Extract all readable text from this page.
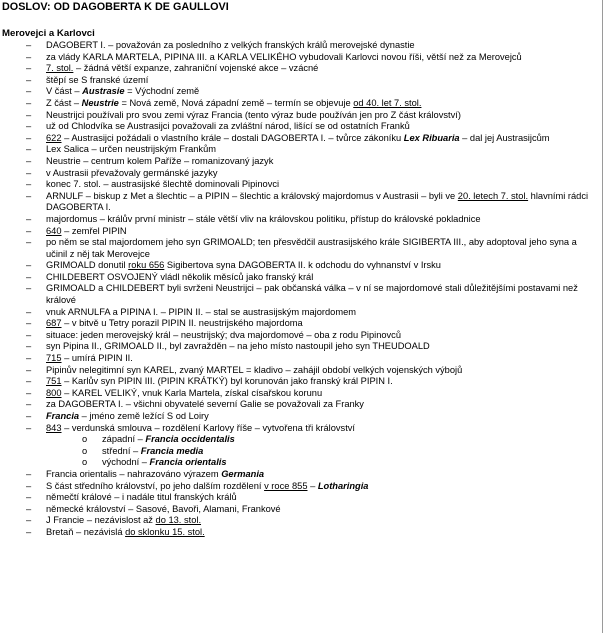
DOSLOV: OD DAGOBERTA K DE GAULLOVI
Merovejci a Karlovci
– DAGOBERT I. – považován za posledního z velkých franských králů merovejské dynastie
– za vlády KARLA MARTELA, PIPINA III. a KARLA VELIKÉHO vybudovali Karlovci novou říši, větší než za Merovejců
– 7. stol. – žádná větší expanze, zahraniční vojenské akce – vzácné
– štěpí se S franské území
– V část – Austrasie = Východní země
– Z část – Neustrie = Nová země, Nová západní země – termín se objevuje od 40. let 7. stol.
– Neustrijci používali pro svou zemi výraz Francia (tento výraz bude používán jen pro Z část království)
– už od Chlodvíka se Austrasijci považovali za zvláštní národ, lišící se od ostatních Franků
– 622 – Austrasijci požádali o vlastního krále – dostali DAGOBERTA I. – tvůrce zákoníku Lex Ribuaria – dal jej Austrasijcům
– Lex Salica – určen neustrijským Frankům
– Neustrie – centrum kolem Paříže – romanizovaný jazyk
– v Austrasii převažovaly germánské jazyky
– konec 7. stol. – austrasijské šlechtě dominovali Pipinovci
– ARNULF – biskup z Met a šlechtic – a PIPIN – šlechtic a královský majordomus v Austrasii – byli ve 20. letech 7. stol. hlavními rádci DAGOBERTA I.
– majordomus – králův první ministr – stále větší vliv na královskou politiku, přístup do královské pokladnice
– 640 – zemřel PIPIN
– po něm se stal majordomem jeho syn GRIMOALD; ten přesvědčil austrasijského krále SIGIBERTA III., aby adoptoval jeho syna a učinil z něj tak Merovejce
– GRIMOALD donutil roku 656 Sigibertova syna DAGOBERTA II. k odchodu do vyhnanství v Irsku
– CHILDEBERT OSVOJENÝ vládl několik měsíců jako franský král
– GRIMOALD a CHILDEBERT byli svrženi Neustrijci – pak občanská válka – v ní se majordomové stali důležitějšími postavami než králové
– vnuk ARNULFA a PIPINA I. – PIPIN II. – stal se austrasijským majordomem
– 687 – v bitvě u Tetry porazil PIPIN II. neustrijského majordoma
– situace: jeden merovejský král – neustrijský; dva majordomové – oba z rodu Pipinovců
– syn Pipina II., GRIMOALD II., byl zavražděn – na jeho místo nastoupil jeho syn THEUDOALD
– 715 – umírá PIPIN II.
– Pipinův nelegitimní syn KAREL, zvaný MARTEL = kladivo – zahájil období velkých vojenských výbojů
– 751 – Karlův syn PIPIN III. (PIPIN KRÁTKÝ) byl korunován jako franský král PIPIN I.
– 800 – KAREL VELIKÝ, vnuk Karla Martela, získal císařskou korunu
– za DAGOBERTA I. – všichni obyvatelé severní Galie se považovali za Franky
– Francia – jméno země ležící S od Loiry
– 843 – verdunská smlouva – rozdělení Karlovy říše – vytvořena tři království
o západní – Francia occidentalis
o střední – Francia media
o východní – Francia orientalis
– Francia orientalis – nahrazováno výrazem Germania
– S část středního království, po jeho dalším rozdělení v roce 855 – Lotharingia
– němečtí králové – i nadále titul franských králů
– německé království – Sasové, Bavoři, Alamani, Frankové
– J Francie – nezávislost až do 13. stol.
– Bretaň – nezávislá do sklonku 15. stol.
